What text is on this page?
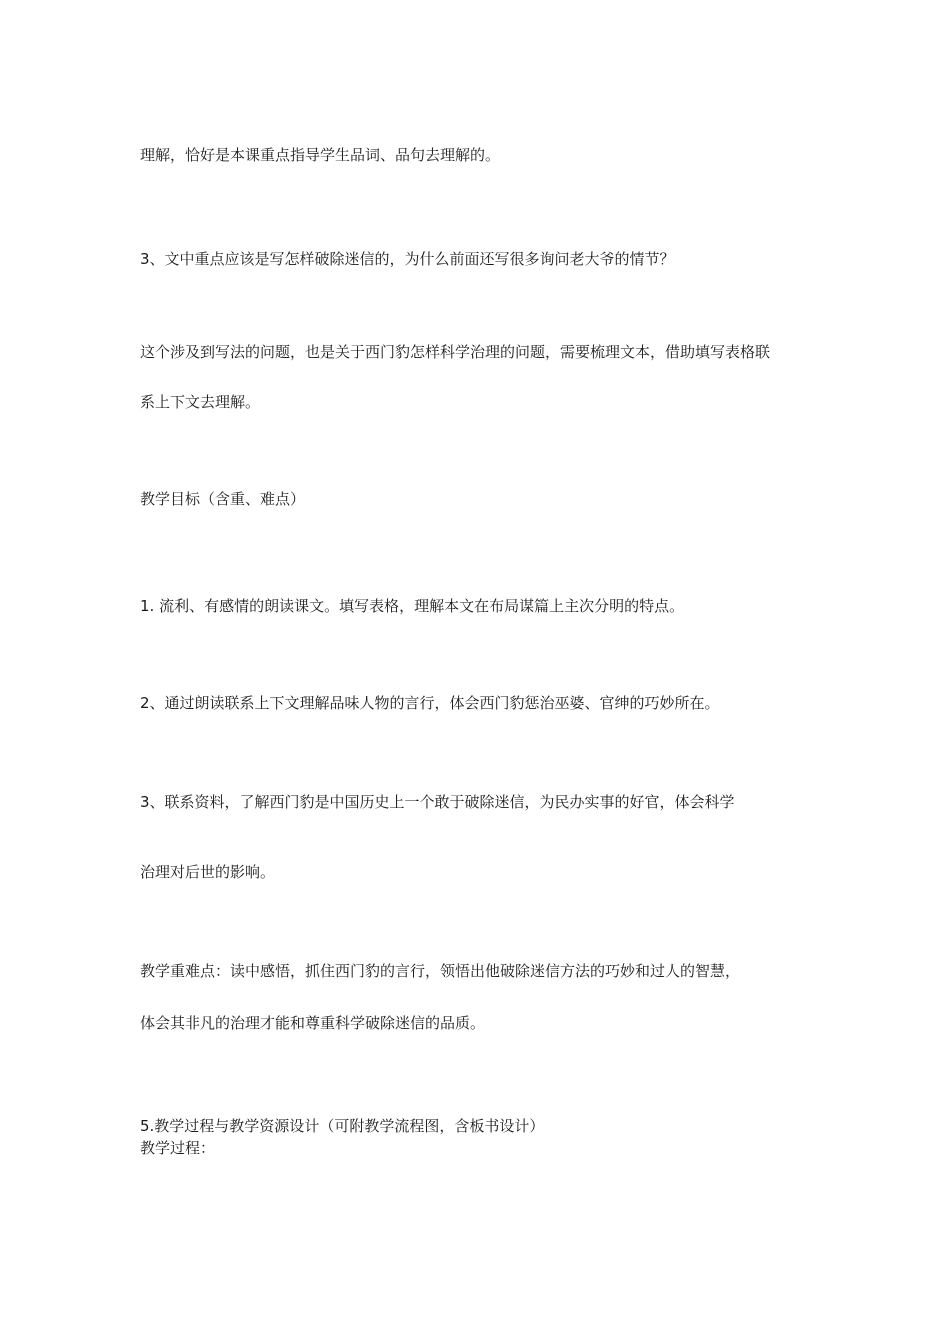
理解，恰好是本课重点指导学生品词、品句去理解的。
3、文中重点应该是写怎样破除迷信的，为什么前面还写很多询问老大爷的情节？
这个涉及到写法的问题，也是关于西门豹怎样科学治理的问题，需要梳理文本，借助填写表格联
系上下文去理解。
教学目标（含重、难点）
1. 流利、有感情的朗读课文。填写表格，理解本文在布局谋篇上主次分明的特点。
2、通过朗读联系上下文理解品味人物的言行，体会西门豹惩治巫婆、官绅的巧妙所在。
3、联系资料，了解西门豹是中国历史上一个敢于破除迷信，为民办实事的好官，体会科学
治理对后世的影响。
教学重难点：读中感悟，抓住西门豹的言行，领悟出他破除迷信方法的巧妙和过人的智慧，
体会其非凡的治理才能和尊重科学破除迷信的品质。
5.教学过程与教学资源设计（可附教学流程图，含板书设计）
教学过程：
